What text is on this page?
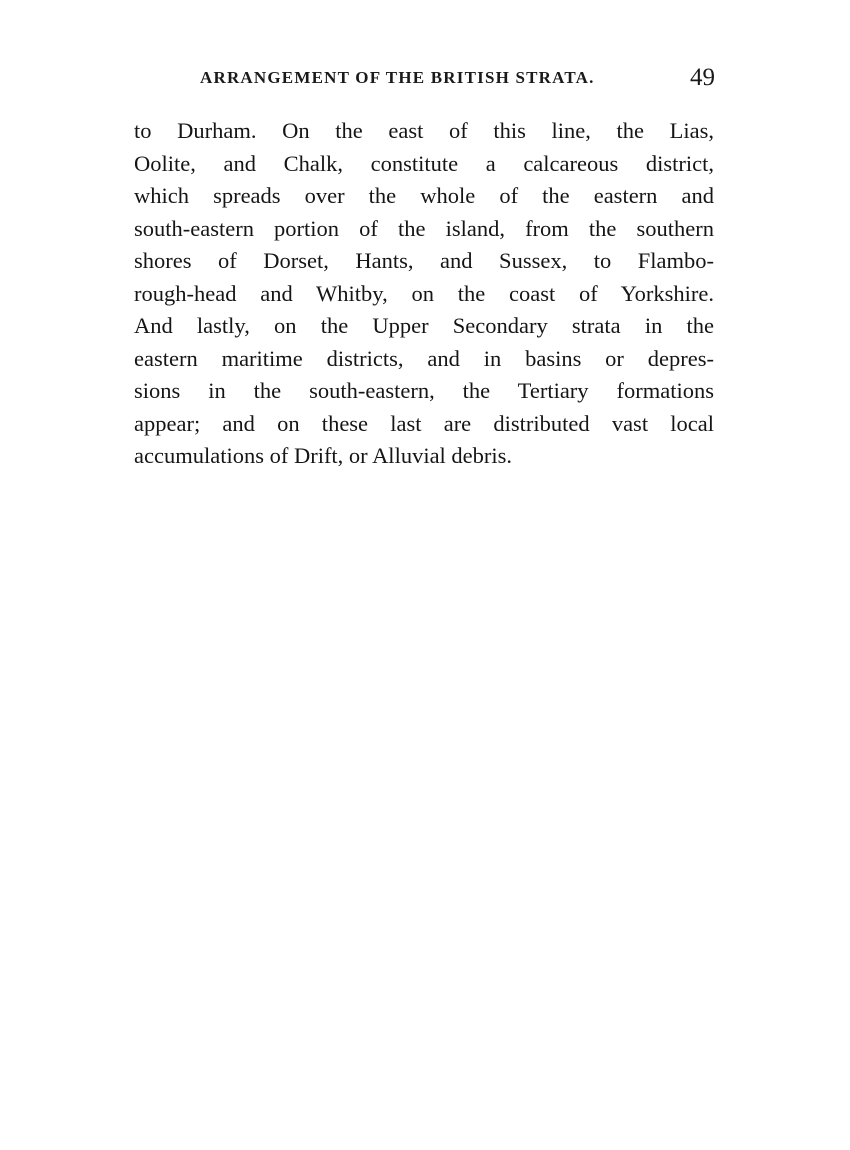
ARRANGEMENT OF THE BRITISH STRATA.	49
to Durham. On the east of this line, the Lias,
Oolite, and Chalk, constitute a calcareous district,
which spreads over the whole of the eastern and
south-eastern portion of the island, from the southern
shores of Dorset, Hants, and Sussex, to Flambo-
rough-head and Whitby, on the coast of Yorkshire.
And lastly, on the Upper Secondary strata in the
eastern maritime districts, and in basins or depres-
sions in the south-eastern, the Tertiary formations
appear; and on these last are distributed vast local
accumulations of Drift, or Alluvial debris.
